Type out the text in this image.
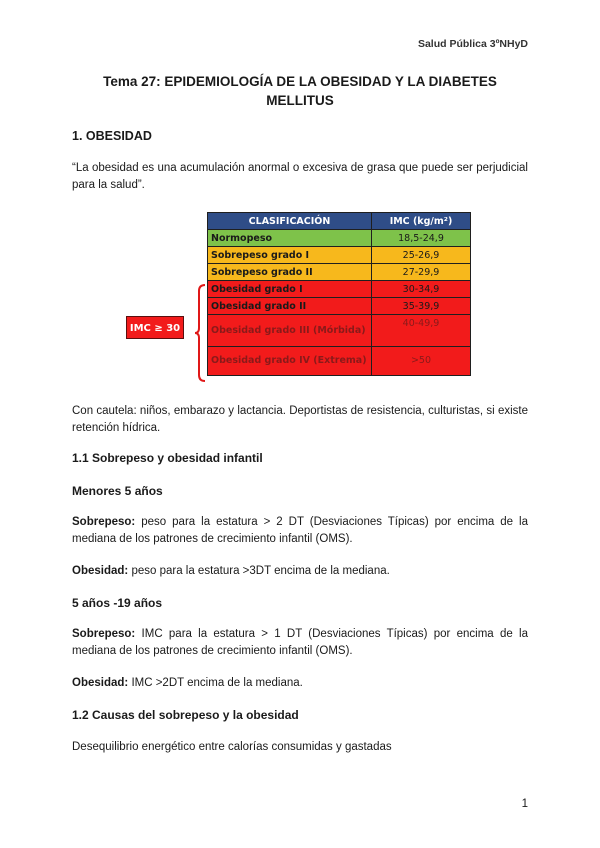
Salud Pública 3ºNHyD
Tema 27: EPIDEMIOLOGÍA DE LA OBESIDAD Y LA DIABETES MELLITUS
1. OBESIDAD
“La obesidad es una acumulación anormal o excesiva de grasa que puede ser perjudicial para la salud”.
CLASIFICACIÓN	IMC (kg/m²)
Normopeso	18,5-24,9
Sobrepeso grado I	25-26,9
Sobrepeso grado II	27-29,9
Obesidad grado I	30-34,9
Obesidad grado II	35-39,9
Obesidad grado III (Mórbida)	40-49,9
Obesidad grado IV (Extrema)	>50
IMC ≥ 30
Con cautela: niños, embarazo y lactancia. Deportistas de resistencia, culturistas, si existe retención hídrica.
1.1 Sobrepeso y obesidad infantil
Menores 5 años
Sobrepeso: peso para la estatura > 2 DT (Desviaciones Típicas) por encima de la mediana de los patrones de crecimiento infantil (OMS).
Obesidad: peso para la estatura >3DT encima de la mediana.
5 años -19 años
Sobrepeso: IMC para la estatura > 1 DT (Desviaciones Típicas) por encima de la mediana de los patrones de crecimiento infantil (OMS).
Obesidad: IMC >2DT encima de la mediana.
1.2 Causas del sobrepeso y la obesidad
Desequilibrio energético entre calorías consumidas y gastadas
1
